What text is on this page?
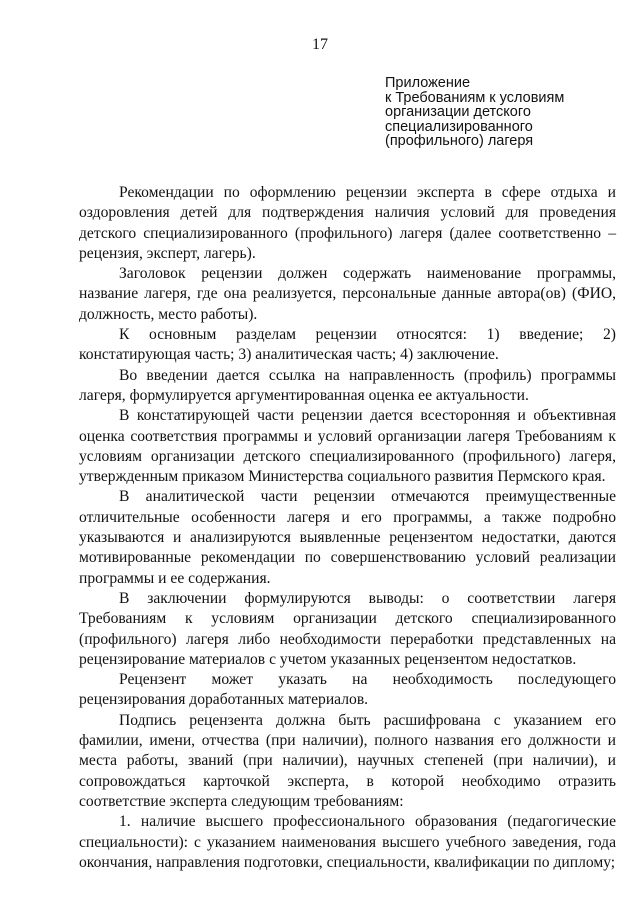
17
Приложение
к Требованиям к условиям
организации детского
специализированного
(профильного) лагеря

Рекомендации по оформлению рецензии эксперта в сфере отдыха и оздоровления детей для подтверждения наличия условий для проведения детского специализированного (профильного) лагеря (далее соответственно – рецензия, эксперт, лагерь).

Заголовок рецензии должен содержать наименование программы, название лагеря, где она реализуется, персональные данные автора(ов) (ФИО, должность, место работы).

К основным разделам рецензии относятся: 1) введение; 2) констатирующая часть; 3) аналитическая часть; 4) заключение.

Во введении дается ссылка на направленность (профиль) программы лагеря, формулируется аргументированная оценка ее актуальности.

В констатирующей части рецензии дается всесторонняя и объективная оценка соответствия программы и условий организации лагеря Требованиям к условиям организации детского специализированного (профильного) лагеря, утвержденным приказом Министерства социального развития Пермского края.

В аналитической части рецензии отмечаются преимущественные отличительные особенности лагеря и его программы, а также подробно указываются и анализируются выявленные рецензентом недостатки, даются мотивированные рекомендации по совершенствованию условий реализации программы и ее содержания.

В заключении формулируются выводы: о соответствии лагеря Требованиям к условиям организации детского специализированного (профильного) лагеря либо необходимости переработки представленных на рецензирование материалов с учетом указанных рецензентом недостатков.

Рецензент может указать на необходимость последующего рецензирования доработанных материалов.

Подпись рецензента должна быть расшифрована с указанием его фамилии, имени, отчества (при наличии), полного названия его должности и места работы, званий (при наличии), научных степеней (при наличии), и сопровождаться карточкой эксперта, в которой необходимо отразить соответствие эксперта следующим требованиям:

1. наличие высшего профессионального образования (педагогические специальности): с указанием наименования высшего учебного заведения, года окончания, направления подготовки, специальности, квалификации по диплому;
